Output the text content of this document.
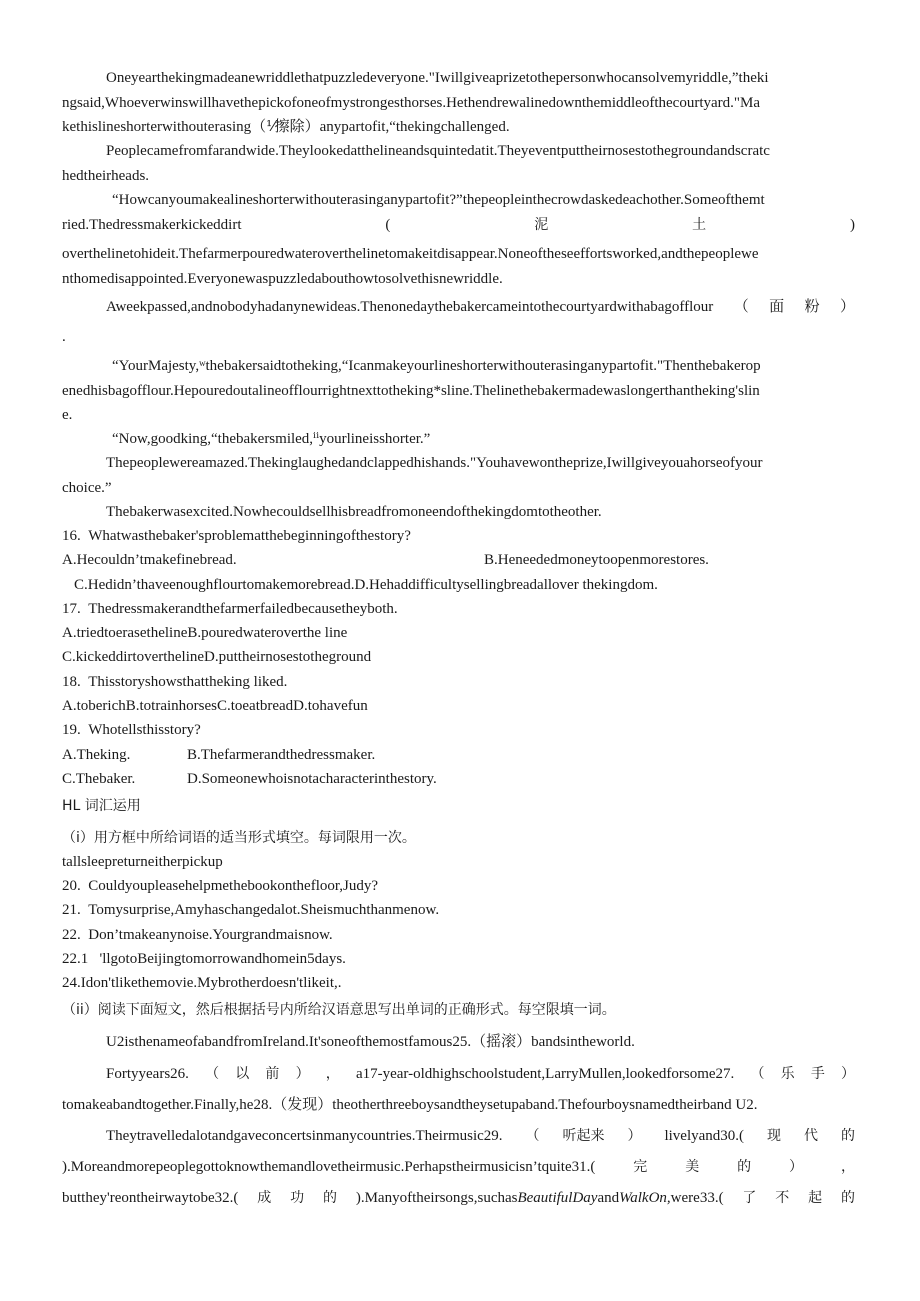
Oneyearthekingmadeanewriddlethatpuzzledeveryone."Iwillgiveaprizetothepersonwhocansolvemyriddle,”theki
ngsaid,Whoeverwinswillhavethepickofoneofmystrongesthorses.Hethendrewalinedownthemiddleofthecourtyard."Ma
kethislineshorterwithouterasing（⅟擦除）anypartofit,“thekingchallenged.
Peoplecamefromfarandwide.Theylookedatthelineandsquintedatit.Theyeventputtheirnosestothegroundandscratc
hedtheirheads.
“Howcanyoumakealineshorterwithouterasinganypartofit?”thepeopleinthecrowdaskedeachother.Someofthemt
ried.Thedressmakerkickeddirt	(	泥	土	)
overthelinetohideit.Thefarmerpouredwateroverthelinetomakeitdisappear.Noneoftheseeffortsworked,andthepeoplewe
nthomedisappointed.Everyonewaspuzzledabouthowtosolvethisnewriddle.
Aweekpassed,andnobodyhadanynewideas.Thenonedaythebakercameintothecourtyardwithabagofflour（面粉）
.
“YourMajesty,ʷthebakersaidtotheking,“Icanmakeyourlineshorterwithouterasinganypartofit."Thenthebakerop
enedhisbagofflour.Hepouredoutalineofflourrightnexttotheking*sline.Thelinethebakermadewaslongerthantheking'slin
e.
“Now,goodking,“thebakersmiled,ⁱⁱyourlineisshorter.”
Thepeoplewereamazed.Thekinglaughedandclappedhishands."Youhavewontheprize,Iwillgiveyouahorseofyour
choice.”
Thebakerwasexcited.Nowhecouldsellhisbreadfromoneendofthekingdomtotheother.
16.  Whatwasthebaker'sproblematthebeginningofthestory?
A.Hecouldn’tmakefinebread.	B.Heneededmoneytoopenmorestores.
C.Hedidn’thaveenoughflourtomakemorebread.D.Hehaddifficultysellingbreadallover thekingdom.
17.  Thedressmakerandthefarmerfailedbecausetheyboth.
A.triedtoerasethelineB.pouredwateroverthe line
C.kickeddirtoverthelineD.puttheirnosestotheground
18.  Thisstoryshowsthattheking liked.
A.toberichB.totrainhorsesC.toeatbreadD.tohavefun
19.  Whotellsthisstory?
A.Theking.	B.Thefarmerandthedressmaker.
C.Thebaker.	D.Someonewhoisnotacharacterinthestory.
HL 词汇运用
（i）用方框中所给词语的适当形式填空。每词限用一次。
tallsleepreturneitherpickup
20.  Couldyoupleasehelpmethebookonthefloor,Judy?
21.  Tomysurprise,Amyhaschangedalot.Sheismuchthanmenow.
22.  Don’tmakeanynoise.Yourgrandmaisnow.
22.1   'llgotoBeijingtomorrowandhomein5days.
24.Idon'tlikethemovie.Mybrotherdoesn'tlikeit,.
（ii）阅读下面短文，然后根据括号内所给汉语意思写出单词的正确形式。每空限填一词。
U2isthenameofabandfromIreland.It'soneofthemostfamous25.（摇滚）bandsintheworld.
Fortyyears26. （ 以 前 ） ， a17-year-oldhighschoolstudent,LarryMullen,lookedforsome27. （ 乐 手 ）
tomakeabandtogether.Finally,he28.（发现）theotherthreeboysandtheysetupaband.Thefourboysnamedtheirband U2.
Theytravelledalotandgaveconcertsinmanycountries.Theirmusic29. （ 听起来 ） livelyand30.( 现 代 的
).Moreandmorepeoplegottoknowthemandlovetheirmusic.Perhapstheirmusicisn’tquite31.(	完	美	的	）	，
butthey'reontheirwaytobe32.( 成 功 的 ).Manyoftheirsongs,suchasBeautifulDayandWalkOn,were33.( 了 不 起 的
